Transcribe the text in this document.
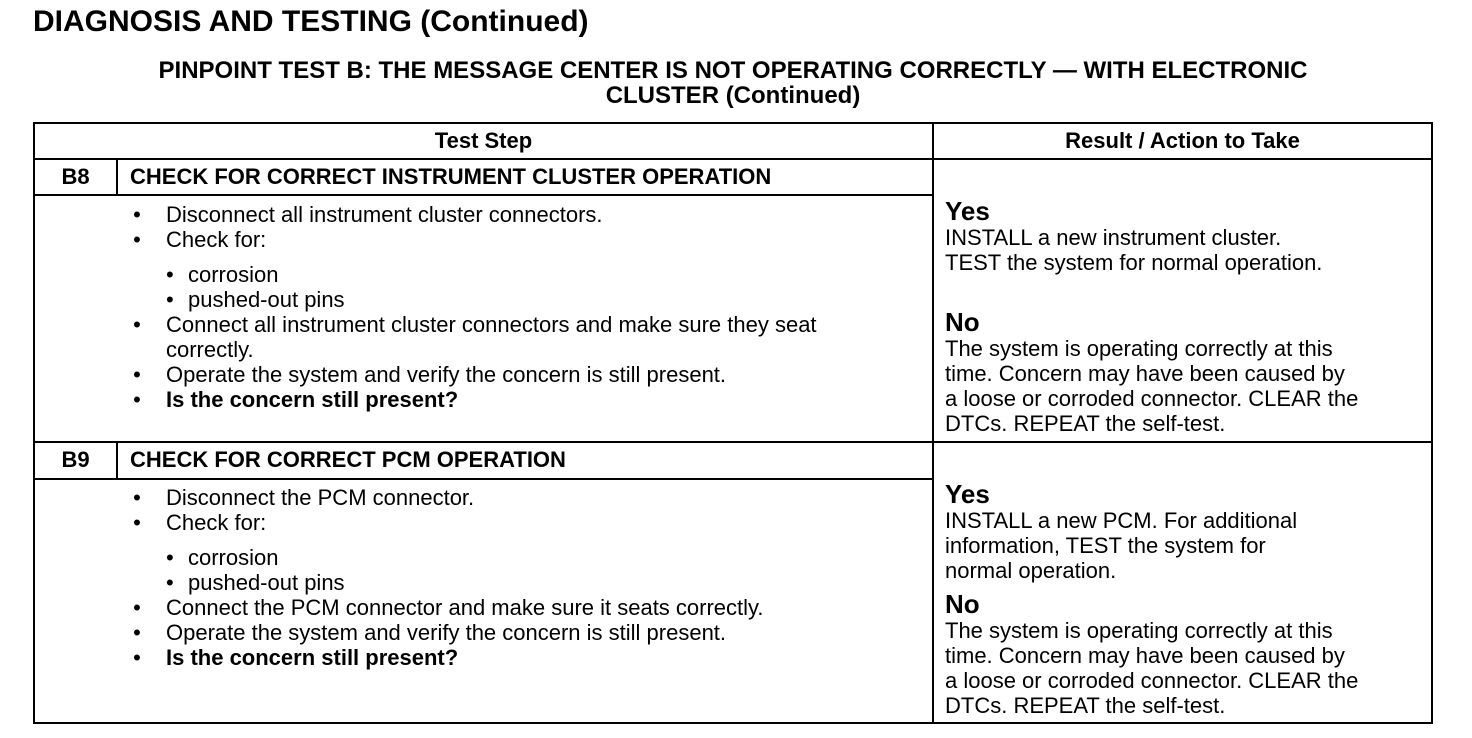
DIAGNOSIS AND TESTING (Continued)
PINPOINT TEST B: THE MESSAGE CENTER IS NOT OPERATING CORRECTLY — WITH ELECTRONIC
CLUSTER (Continued)
Test Step	Result / Action to Take
B8	CHECK FOR CORRECT INSTRUMENT CLUSTER OPERATION
• Disconnect all instrument cluster connectors.
• Check for:
• corrosion
• pushed-out pins
• Connect all instrument cluster connectors and make sure they seat correctly.
• Operate the system and verify the concern is still present.
• Is the concern still present?
Yes
INSTALL a new instrument cluster.
TEST the system for normal operation.
No
The system is operating correctly at this
time. Concern may have been caused by
a loose or corroded connector. CLEAR the
DTCs. REPEAT the self-test.
B9	CHECK FOR CORRECT PCM OPERATION
• Disconnect the PCM connector.
• Check for:
• corrosion
• pushed-out pins
• Connect the PCM connector and make sure it seats correctly.
• Operate the system and verify the concern is still present.
• Is the concern still present?
Yes
INSTALL a new PCM. For additional
information, TEST the system for
normal operation.
No
The system is operating correctly at this
time. Concern may have been caused by
a loose or corroded connector. CLEAR the
DTCs. REPEAT the self-test.
